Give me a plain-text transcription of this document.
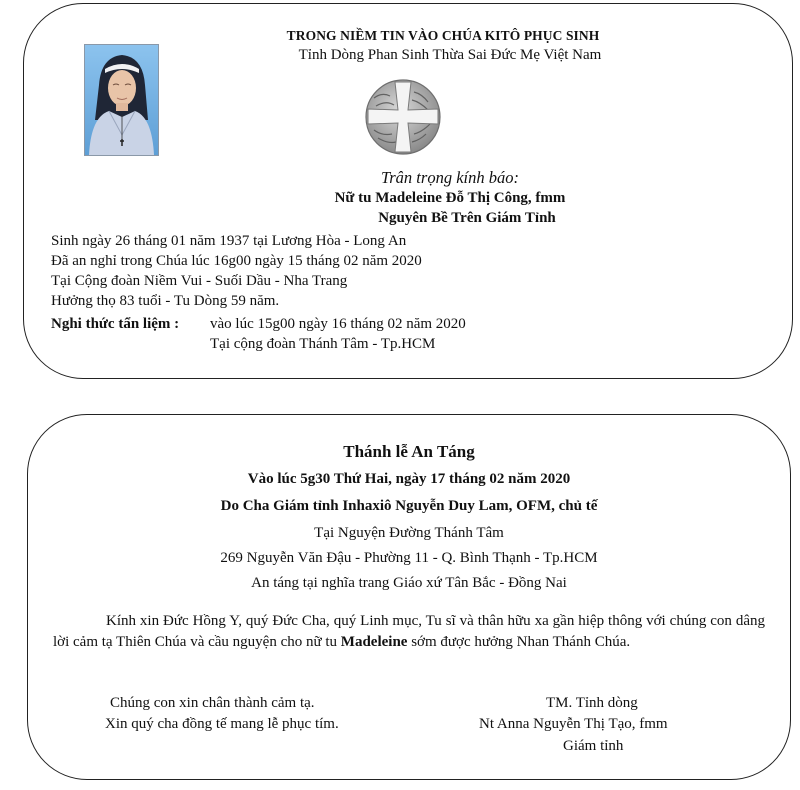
TRONG NIỀM TIN VÀO CHÚA KITÔ PHỤC SINH
Tỉnh Dòng Phan Sinh Thừa Sai Đức Mẹ Việt Nam
Trân trọng kính báo:
Nữ tu Madeleine Đỗ Thị Công, fmm
Nguyên Bề Trên Giám Tỉnh
Sinh ngày 26 tháng 01 năm 1937 tại Lương Hòa - Long An
Đã an nghỉ trong Chúa lúc 16g00 ngày 15 tháng 02 năm 2020
Tại Cộng đoàn Niềm Vui - Suối Dầu - Nha Trang
Hưởng thọ 83 tuổi - Tu Dòng 59 năm.
Nghi thức tẩn liệm : vào lúc 15g00 ngày 16 tháng 02 năm 2020
Tại cộng đoàn Thánh Tâm - Tp.HCM
Thánh lễ An Táng
Vào lúc 5g30 Thứ Hai, ngày 17 tháng 02 năm 2020
Do Cha Giám tỉnh Inhaxiô Nguyễn Duy Lam, OFM, chủ tế
Tại Nguyện Đường Thánh Tâm
269 Nguyễn Văn Đậu - Phường 11 - Q. Bình Thạnh - Tp.HCM
An táng tại nghĩa trang Giáo xứ Tân Bắc - Đồng Nai
Kính xin Đức Hồng Y, quý Đức Cha, quý Linh mục, Tu sĩ và thân hữu xa gần hiệp thông với chúng con dâng lời cảm tạ Thiên Chúa và cầu nguyện cho nữ tu Madeleine sớm được hưởng Nhan Thánh Chúa.
Chúng con xin chân thành cảm tạ.
Xin quý cha đồng tế mang lễ phục tím.
TM. Tỉnh dòng
Nt Anna Nguyễn Thị Tạo, fmm
Giám tỉnh
